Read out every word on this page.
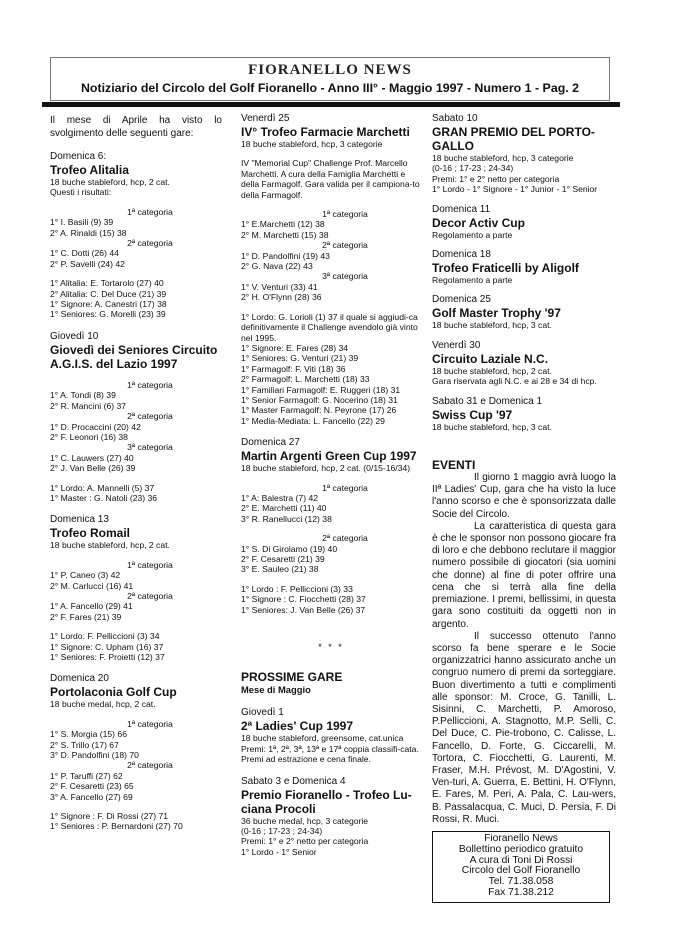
FIORANELLO NEWS
Notiziario del Circolo del Golf Fioranello - Anno III° - Maggio 1997 - Numero 1 - Pag. 2
Il mese di Aprile ha visto lo svolgimento delle seguenti gare:
Domenica 6:
Trofeo Alitalia
18 buche stableford, hcp, 2 cat.
Questi i risultati:
1ª categoria
1° I. Basili (9) 39
2° A. Rinaldi (15) 38
2ª categoria
1° C. Dotti (26) 44
2° P. Savelli (24) 42
1° Alitalia: E. Tortarolo (27) 40
2° Alitalia: C. Del Duce (21) 39
1° Signore: A. Canestri (17) 38
1° Seniores: G. Morelli (23) 39
Giovedì 10
Giovedì dei Seniores Circuito A.G.I.S. del Lazio 1997
1ª categoria
1° A. Tondi (8) 39
2° R. Mancini (6) 37
2ª categoria
1° D. Procaccini (20) 42
2° F. Leonori (16) 38
3ª categoria
1° C. Lauwers (27) 40
2° J. Van Belle (26) 39
1° Lordo: A. Mannelli (5) 37
1° Master : G. Natoli (23) 36
Domenica 13
Trofeo Romail
18 buche stableford, hcp, 2 cat.
1ª categoria
1° P. Caneo (3) 42
2° M. Carlucci (16) 41
2ª categoria
1° A. Fancello (29) 41
2° F. Fares (21) 39
1° Lordo: F. Pelliccioni (3) 34
1° Signore: C. Upham (16) 37
1° Seniores: F. Proietti (12) 37
Domenica 20
Portolaconia Golf Cup
18 buche medal, hcp, 2 cat.
1ª categoria
1° S. Morgia (15) 66
2° S. Trillo (17) 67
3° D. Pandolfini (18) 70
2ª categoria
1° P. Taruffi (27) 62
2° F. Cesaretti (23) 65
3° A. Fancello (27) 69
1° Signore : F. Di Rossi (27) 71
1° Seniores : P. Bernardoni (27) 70
Venerdì 25
IV° Trofeo Farmacie Marchetti
18 buche stableford, hcp, 3 categorie
IV "Memorial Cup" Challenge Prof. Marcello Marchetti. A cura della Famiglia Marchetti e della Farmagolf. Gara valida per il campiona-to della Farmagolf.
1ª categoria
1° E.Marchetti (12) 38
2° M. Marchetti (15) 38
2ª categoria
1° D. Pandolfini (19) 43
2° G. Nava (22) 43
3ª categoria
1° V. Venturi (33) 41
2° H. O'Flynn (28) 36
1° Lordo: G. Lorioli (1) 37 il quale si aggiudi-ca definitivamente il Challenge avendolo già vinto nel 1995.
1° Signore: E. Fares (28) 34
1° Seniores: G. Venturi (21) 39
1° Farmagolf: F. Viti (18) 36
2° Farmagolf: L. Marchetti (18) 33
1° Familiari Farmagolf: E. Ruggeri (18) 31
1° Senior Farmagolf: G. Nocerino (18) 31
1° Master Farmagolf: N. Peyrone (17) 26
1° Media-Mediata: L. Fancello (22) 29
Domenica 27
Martin Argenti Green Cup 1997
18 buche stableford, hcp, 2 cat. (0/15-16/34)
1ª categoria
1° A: Balestra (7) 42
2° E. Marchetti (11) 40
3° R. Ranellucci (12) 38
2ª categoria
1° S. Di Girolamo (19) 40
2° F. Cesaretti (21) 39
3° E. Sauleo (21) 38
1° Lordo : F. Pelliccioni (3) 33
1° Signore : C. Fiocchetti (28) 37
1° Seniores: J. Van Belle (26) 37
* * *
PROSSIME GARE
Mese di Maggio
Giovedì 1
2ª Ladies' Cup 1997
18 buche stableford, greensome, cat.unica
Premi: 1ª, 2ª, 3ª, 13ª e 17ª coppia classifi-cata.
Premi ad estrazione e cena finale.
Sabato 3 e Domenica 4
Premio Fioranello - Trofeo Lu-ciana Procoli
36 buche medal, hcp, 3 categorie
(0-16 ; 17-23 ; 24-34)
Premi: 1° e 2° netto per categoria
1° Lordo - 1° Senior
Sabato 10
GRAN PREMIO DEL PORTO-GALLO
18 buche stableford, hcp, 3 categorie
(0-16 ; 17-23 ; 24-34)
Premi: 1° e 2° netto per categoria
1° Lordo - 1° Signore - 1° Junior - 1° Senior
Domenica 11
Decor Activ Cup
Regolamento a parte
Domenica 18
Trofeo Fraticelli by Aligolf
Regolamento a parte
Domenica 25
Golf Master Trophy '97
18 buche stableford, hcp, 3 cat.
Venerdì 30
Circuito Laziale N.C.
18 buche stableford, hcp, 2 cat.
Gara riservata agli N.C. e ai 28 e 34 di hcp.
Sabato 31 e Domenica 1
Swiss Cup '97
18 buche stableford, hcp, 3 cat.
EVENTI

Il giorno 1 maggio avrà luogo la IIª Ladies' Cup, gara che ha visto la luce l'anno scorso e che è sponsorizzata dalle Socie del Circolo.

La caratteristica di questa gara è che le sponsor non possono giocare fra di loro e che debbono reclutare il maggior numero possibile di giocatori (sia uomini che donne) al fine di poter offrire una cena che si terrà alla fine della premiazione. I premi, bellissimi, in questa gara sono costituiti da oggetti non in argento.

Il successo ottenuto l'anno scorso fa bene sperare e le Socie organizzatrici hanno assicurato anche un congruo numero di premi da sorteggiare. Buon divertimento a tutti e complimenti alle sponsor: M. Croce, G. Tanilli, L. Sisinni, C. Marchetti, P. Amoroso, P.Pelliccioni, A. Stagnotto, M.P. Selli, C. Del Duce, C. Pie-trobono, C. Calisse, L. Fancello, D. Forte, G. Ciccarelli, M. Tortora, C. Fiocchetti, G. Laurenti, M. Fraser, M.H. Prévost, M. D'Agostini, V. Ven-turi, A. Guerra, E. Bettini, H. O'Flynn, E. Fares, M. Peri, A. Pala, C. Lau-wers, B. Passalacqua, C. Muci, D. Persia, F. Di Rossi, R. Muci.

Fioranello News
Bollettino periodico gratuito
A cura di Toni Di Rossi
Circolo del Golf Fioranello
Tel. 71.38.058
Fax 71.38.212
